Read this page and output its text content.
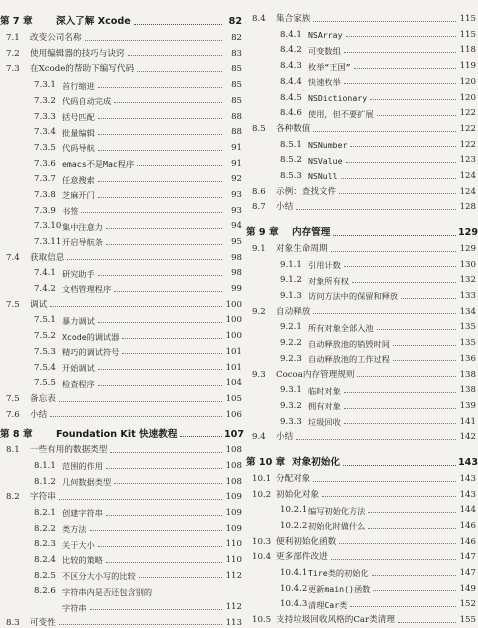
第 7 章	深入了解 Xcode	82
7.1	改变公司名称	82
7.2	使用编辑器的技巧与诀窍	83
7.3	在Xcode的帮助下编写代码	85
7.3.1 首行缩进	85
7.3.2 代码自动完成	85
7.3.3 括号匹配	88
7.3.4 批量编辑	88
7.3.5 代码导航	91
7.3.6 emacs不是Mac程序	91
7.3.7 任意搜索	92
7.3.8 芝麻开门	93
7.3.9 书签	93
7.3.10 集中注意力	94
7.3.11 开启导航条	95
7.4	获取信息	98
7.4.1 研究助手	98
7.4.2 文档管理程序	99
7.5	调试	100
7.5.1 暴力调试	100
7.5.2 Xcode的调试器	100
7.5.3 精巧的调试符号	101
7.5.4 开始调试	101
7.5.5 检查程序	104
7.5	备忘表	105
7.6	小结	106
第 8 章	Foundation Kit 快速教程	107
8.1	一些有用的数据类型	108
8.1.1 范围的作用	108
8.1.2 几何数据类型	108
8.2	字符串	109
8.2.1 创建字符串	109
8.2.2 类方法	109
8.2.3 关于大小	110
8.2.4 比较的策略	110
8.2.5 不区分大小写的比较	112
8.2.6 字符串内是否还包含别的
字符串	112
8.3	可变性	113
8.4	集合家族	115
8.4.1 NSArray	115
8.4.2 可变数组	118
8.4.3 枚举“王国”	119
8.4.4 快速枚举	120
8.4.5 NSDictionary	120
8.4.6 使用，但不要扩展	122
8.5	各种数值	122
8.5.1 NSNumber	122
8.5.2 NSValue	123
8.5.3 NSNull	124
8.6	示例：查找文件	124
8.7	小结	128
第 9 章	内存管理	129
9.1	对象生命周期	129
9.1.1 引用计数	130
9.1.2 对象所有权	132
9.1.3 访问方法中的保留和释放	133
9.2	自动释放	134
9.2.1 所有对象全部入池	135
9.2.2 自动释放池的销毁时间	135
9.2.3 自动释放池的工作过程	136
9.3	Cocoa内存管理规则	138
9.3.1 临时对象	138
9.3.2 拥有对象	139
9.3.3 垃圾回收	141
9.4	小结	142
第 10 章 对象初始化	143
10.1 分配对象	143
10.2 初始化对象	143
10.2.1 编写初始化方法	144
10.2.2 初始化时做什么	146
10.3 便利初始化函数	146
10.4 更多部件改进	147
10.4.1 Tire类的初始化	147
10.4.2 更新main()函数	149
10.4.3 清理Car类	152
10.5 支持垃圾回收风格的Car类清理	155
